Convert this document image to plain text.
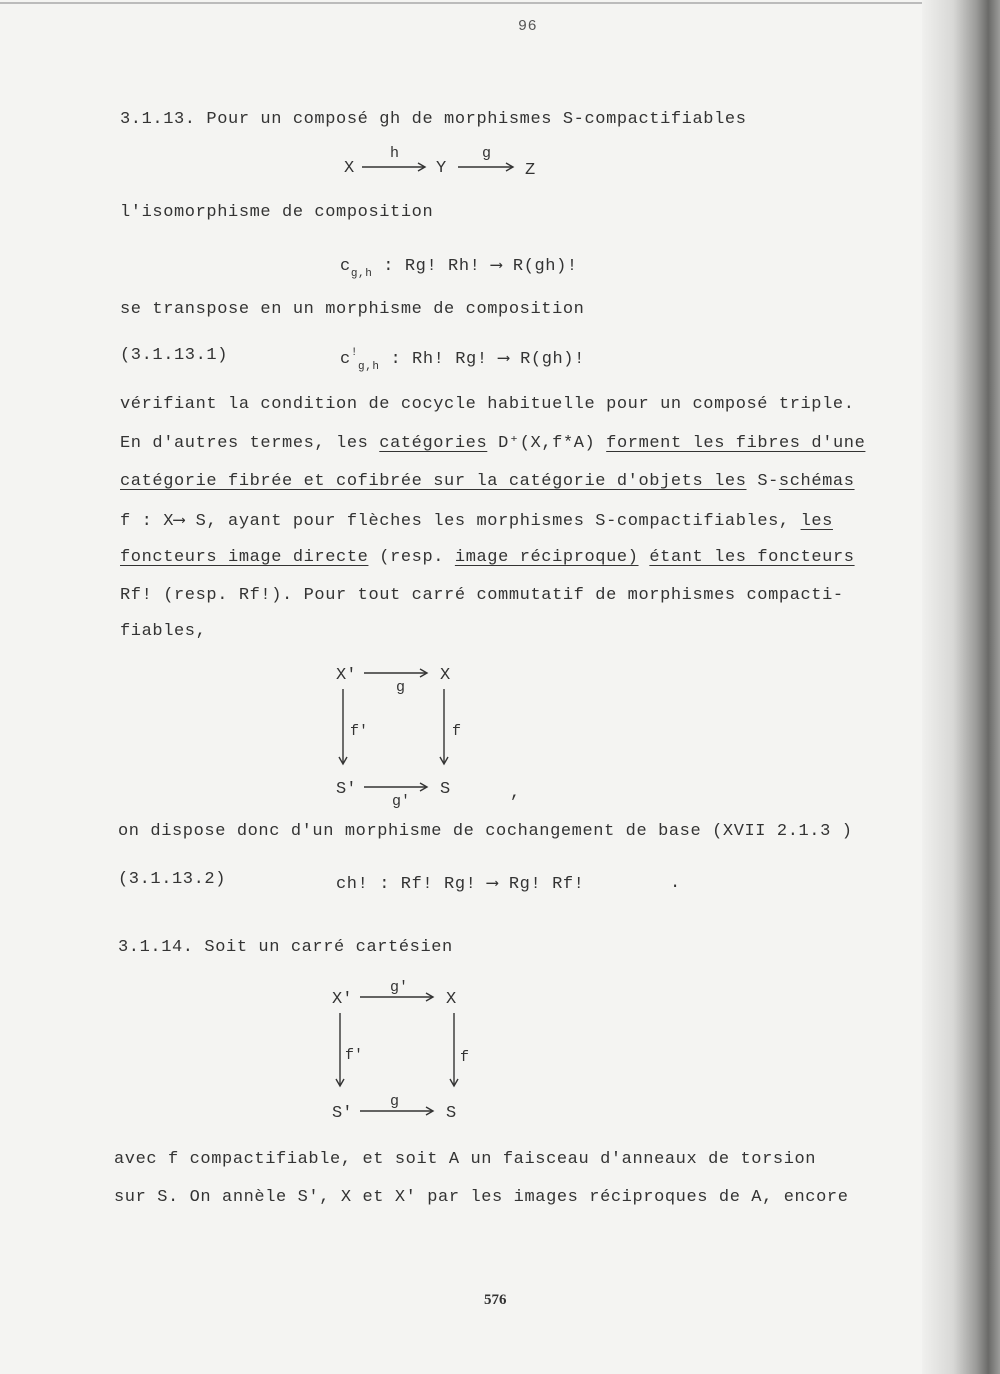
96
3.1.13. Pour un composé gh de morphismes S-compactifiables
X
h
Y
g
Z
l'isomorphisme de composition
$c_{g,h}$ : Rg! Rh! ⟶ R(gh)!
se transpose en un morphisme de composition
(3.1.13.1)	$c^!_{g,h}$ : Rh! Rg! ⟶ R(gh)!
vérifiant la condition de cocycle habituelle pour un composé triple.
En d'autres termes, les catégories D⁺(X,f*A) forment les fibres d'une
catégorie fibrée et cofibrée sur la catégorie d'objets les S-schémas
f : X⟶ S, ayant pour flèches les morphismes S-compactifiables, les
foncteurs image directe (resp. image réciproque) étant les foncteurs
Rf! (resp. Rf!). Pour tout carré commutatif de morphismes compacti-
fiables,
X'	X
g
f'	f
S'	S
g'	,
on dispose donc d'un morphisme de cochangement de base (XVII 2.1.3 )
(3.1.13.2)	ch! : Rf! Rg! ⟶ Rg! Rf!	.
3.1.14. Soit un carré cartésien
X'	X
g'
f'	f
S'	S
g
avec f compactifiable, et soit A un faisceau d'anneaux de torsion
sur S. On annèle S', X et X' par les images réciproques de A, encore
576
